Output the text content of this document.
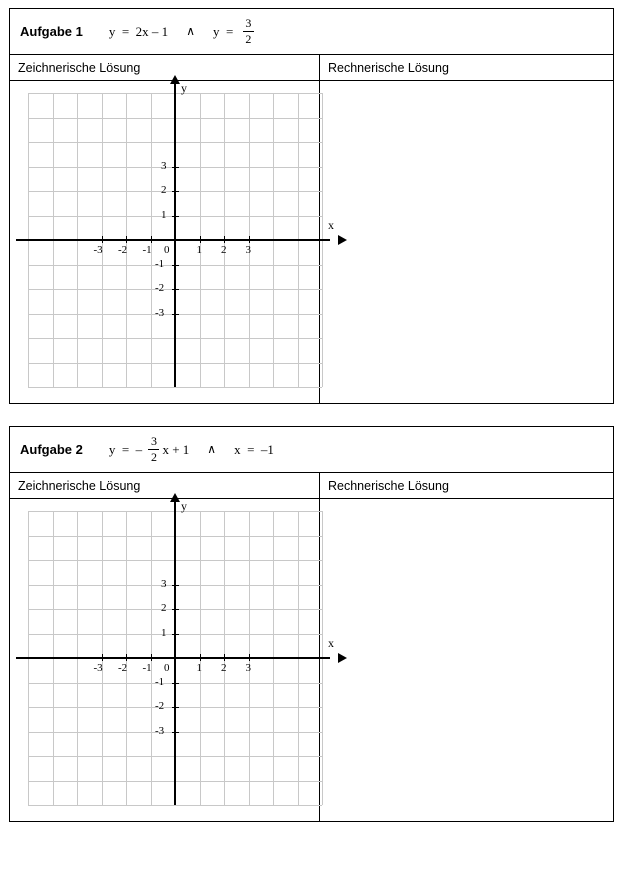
Aufgabe 1 y  =  2x – 1 ∧ $y = \frac{3}{2}$
Zeichnerische Lösung
x
y
-3 -2 -1	1 2 3
3
2
1
-1
-2
-3
0
Rechnerische Lösung
Aufgabe 2 y  =  – $\frac{3}{2}$ x + 1 ∧ x  =  –1
Zeichnerische Lösung
x
y
-3 -2 -1	1 2 3
3
2
1
-1
-2
-3
0
Rechnerische Lösung
